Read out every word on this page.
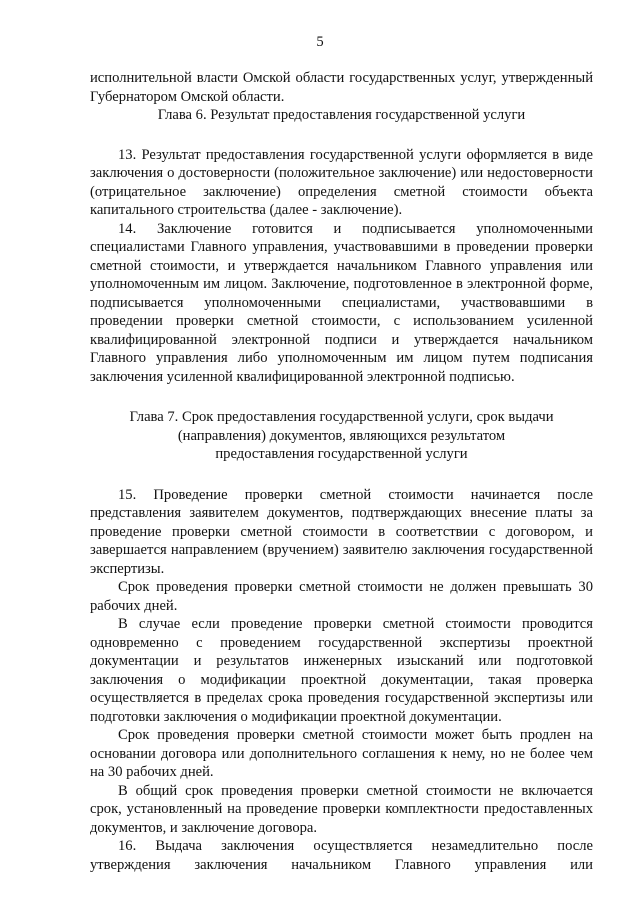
5

исполнительной власти Омской области государственных услуг, утвержденный Губернатором Омской области.

Глава 6. Результат предоставления государственной услуги

13. Результат предоставления государственной услуги оформляется в виде заключения о достоверности (положительное заключение) или недостоверности (отрицательное заключение) определения сметной стоимости объекта капитального строительства (далее - заключение).

14. Заключение готовится и подписывается уполномоченными специалистами Главного управления, участвовавшими в проведении проверки сметной стоимости, и утверждается начальником Главного управления или уполномоченным им лицом. Заключение, подготовленное в электронной форме, подписывается уполномоченными специалистами, участвовавшими в проведении проверки сметной стоимости, с использованием усиленной квалифицированной электронной подписи и утверждается начальником Главного управления либо уполномоченным им лицом путем подписания заключения усиленной квалифицированной электронной подписью.

Глава 7. Срок предоставления государственной услуги, срок выдачи
(направления) документов, являющихся результатом
предоставления государственной услуги

15. Проведение проверки сметной стоимости начинается после представления заявителем документов, подтверждающих внесение платы за проведение проверки сметной стоимости в соответствии с договором, и завершается направлением (вручением) заявителю заключения государственной экспертизы.

Срок проведения проверки сметной стоимости не должен превышать 30 рабочих дней.

В случае если проведение проверки сметной стоимости проводится одновременно с проведением государственной экспертизы проектной документации и результатов инженерных изысканий или подготовкой заключения о модификации проектной документации, такая проверка осуществляется в пределах срока проведения государственной экспертизы или подготовки заключения о модификации проектной документации.

Срок проведения проверки сметной стоимости может быть продлен на основании договора или дополнительного соглашения к нему, но не более чем на 30 рабочих дней.

В общий срок проведения проверки сметной стоимости не включается срок, установленный на проведение проверки комплектности предоставленных документов, и заключение договора.

16. Выдача заключения осуществляется незамедлительно после утверждения заключения начальником Главного управления или
